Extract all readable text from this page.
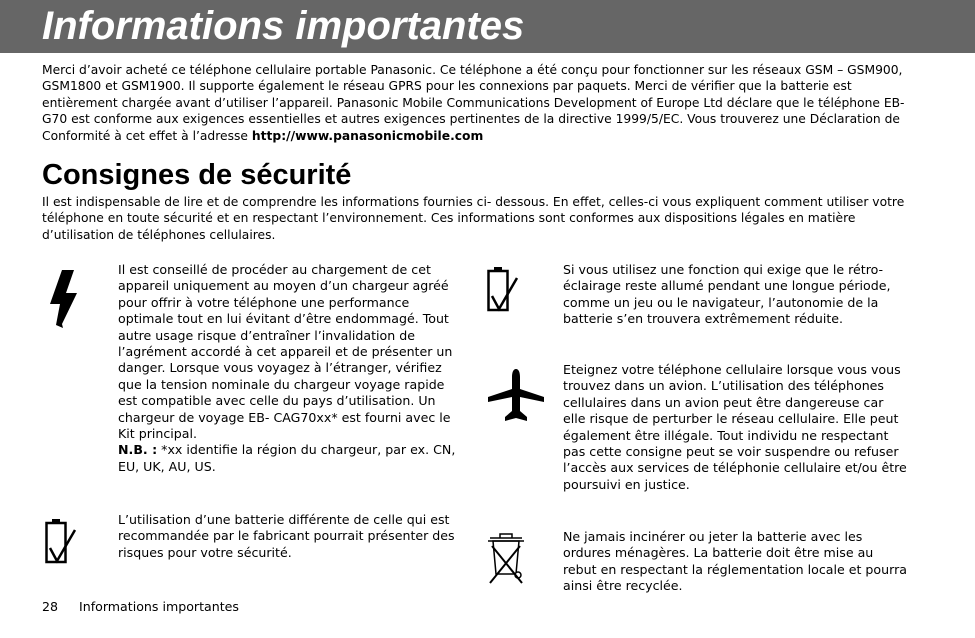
Informations importantes

Merci d’avoir acheté ce téléphone cellulaire portable Panasonic. Ce téléphone a été conçu pour fonctionner sur les réseaux GSM – GSM900, GSM1800 et GSM1900. Il supporte également le réseau GPRS pour les connexions par paquets. Merci de vérifier que la batterie est entièrement chargée avant d’utiliser l’appareil. Panasonic Mobile Communications Development of Europe Ltd déclare que le téléphone EB-G70 est conforme aux exigences essentielles et autres exigences pertinentes de la directive 1999/5/EC. Vous trouverez une Déclaration de Conformité à cet effet à l’adresse http://www.panasonicmobile.com

Consignes de sécurité

Il est indispensable de lire et de comprendre les informations fournies ci- dessous. En effet, celles-ci vous expliquent comment utiliser votre téléphone en toute sécurité et en respectant l’environnement. Ces informations sont conformes aux dispositions légales en matière d’utilisation de téléphones cellulaires.

Il est conseillé de procéder au chargement de cet appareil uniquement au moyen d’un chargeur agréé pour offrir à votre téléphone une performance optimale tout en lui évitant d’être endommagé. Tout autre usage risque d’entraîner l’invalidation de l’agrément accordé à cet appareil et de présenter un danger. Lorsque vous voyagez à l’étranger, vérifiez que la tension nominale du chargeur voyage rapide est compatible avec celle du pays d’utilisation. Un chargeur de voyage EB- CAG70xx* est fourni avec le Kit principal.
N.B. : *xx identifie la région du chargeur, par ex. CN, EU, UK, AU, US.

L’utilisation d’une batterie différente de celle qui est recommandée par le fabricant pourrait présenter des risques pour votre sécurité.

Si vous utilisez une fonction qui exige que le rétro-éclairage reste allumé pendant une longue période, comme un jeu ou le navigateur, l’autonomie de la batterie s’en trouvera extrêmement réduite.

Eteignez votre téléphone cellulaire lorsque vous vous trouvez dans un avion. L’utilisation des téléphones cellulaires dans un avion peut être dangereuse car elle risque de perturber le réseau cellulaire. Elle peut également être illégale. Tout individu ne respectant pas cette consigne peut se voir suspendre ou refuser l’accès aux services de téléphonie cellulaire et/ou être poursuivi en justice.

Ne jamais incinérer ou jeter la batterie avec les ordures ménagères. La batterie doit être mise au rebut en respectant la réglementation locale et pourra ainsi être recyclée.

28 Informations importantes
